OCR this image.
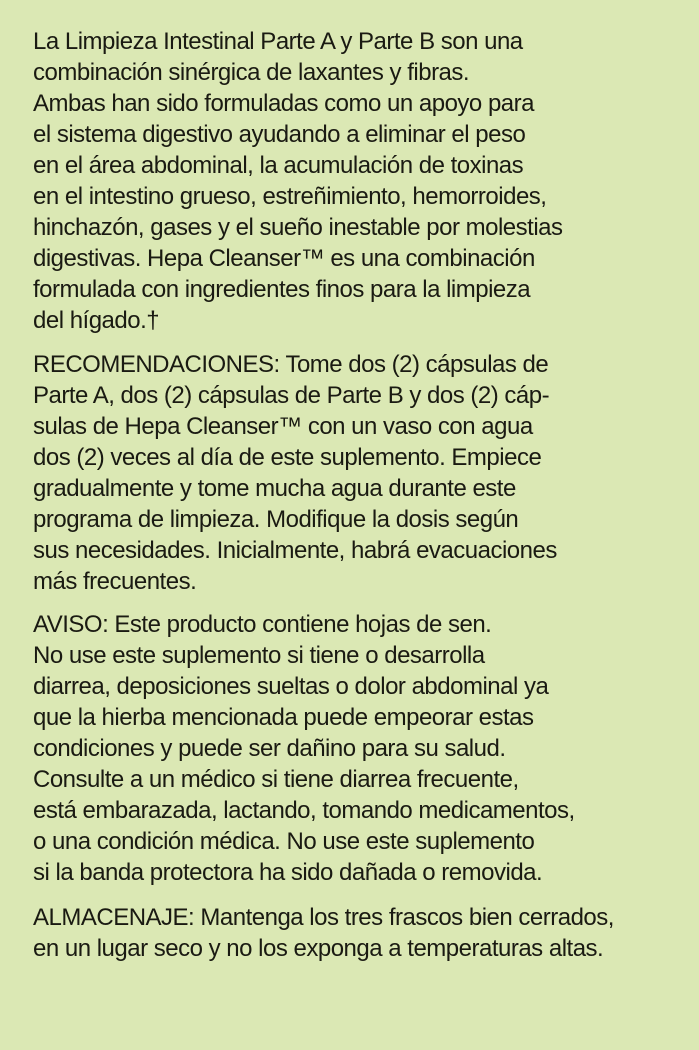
La Limpieza Intestinal Parte A y Parte B son una
combinación sinérgica de laxantes y fibras.
Ambas han sido formuladas como un apoyo para
el sistema digestivo ayudando a eliminar el peso
en el área abdominal, la acumulación de toxinas
en el intestino grueso, estreñimiento, hemorroides,
hinchazón, gases y el sueño inestable por molestias
digestivas. Hepa Cleanser™ es una combinación
formulada con ingredientes finos para la limpieza
del hígado.†

RECOMENDACIONES: Tome dos (2) cápsulas de
Parte A, dos (2) cápsulas de Parte B y dos (2) cáp-
sulas de Hepa Cleanser™ con un vaso con agua
dos (2) veces al día de este suplemento. Empiece
gradualmente y tome mucha agua durante este
programa de limpieza. Modifique la dosis según
sus necesidades. Inicialmente, habrá evacuaciones
más frecuentes.

AVISO: Este producto contiene hojas de sen.
No use este suplemento si tiene o desarrolla
diarrea, deposiciones sueltas o dolor abdominal ya
que la hierba mencionada puede empeorar estas
condiciones y puede ser dañino para su salud.
Consulte a un médico si tiene diarrea frecuente,
está embarazada, lactando, tomando medicamentos,
o una condición médica. No use este suplemento
si la banda protectora ha sido dañada o removida.

ALMACENAJE: Mantenga los tres frascos bien cerrados,
en un lugar seco y no los exponga a temperaturas altas.
